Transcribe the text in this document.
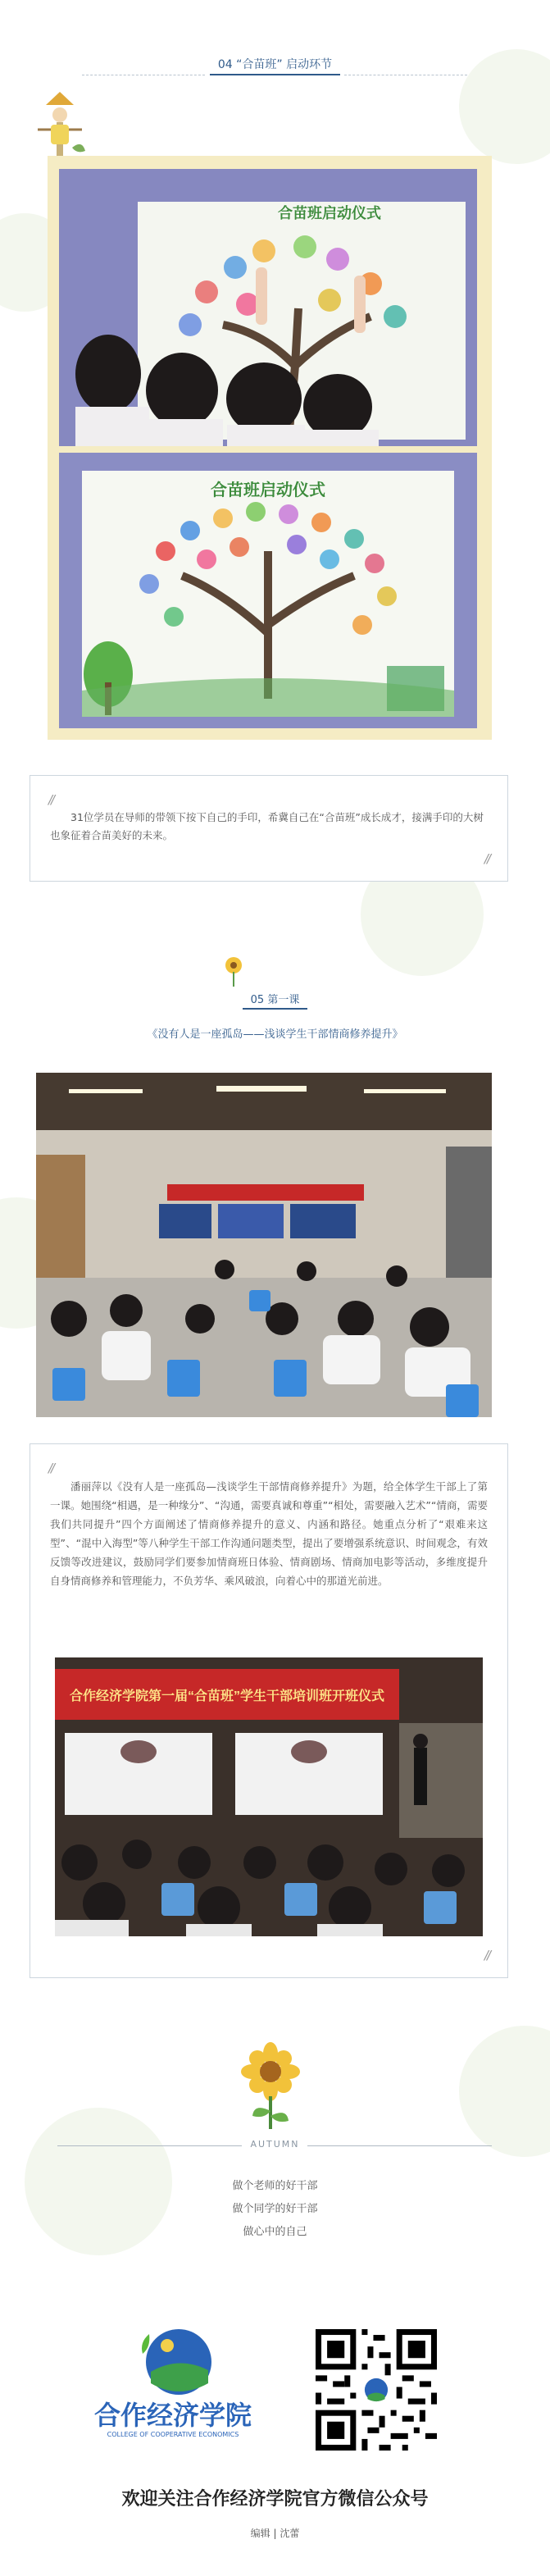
04 “合苗班” 启动环节
合苗班启动仪式
合苗班启动仪式
//

31位学员在导师的带领下按下自己的手印，希冀自己在“合苗班”成长成才，接满手印的大树也象征着合苗美好的未来。

//
05 第一课
《没有人是一座孤岛——浅谈学生干部情商修养提升》
//

潘丽萍以《没有人是一座孤岛—浅谈学生干部情商修养提升》为题，给全体学生干部上了第一课。她围绕“相遇，是一种缘分”、“沟通，需要真诚和尊重”“相处，需要融入艺术”“情商，需要我们共同提升”四个方面阐述了情商修养提升的意义、内涵和路径。她重点分析了“艰难来这型”、“混中入海型”等八种学生干部工作沟通问题类型，提出了要增强系统意识、时间观念，有效反馈等改进建议，鼓励同学们要参加情商班日体验、情商剧场、情商加电影等活动，多维度提升自身情商修养和管理能力，不负芳华、乘风破浪，向着心中的那道光前进。

合作经济学院第一届“合苗班”学生干部培训班开班仪式
//
AUTUMN
做个老师的好干部
做个同学的好干部
做心中的自己
合作经济学院
COLLEGE OF COOPERATIVE ECONOMICS
欢迎关注合作经济学院官方微信公众号
编辑 | 沈蕾
